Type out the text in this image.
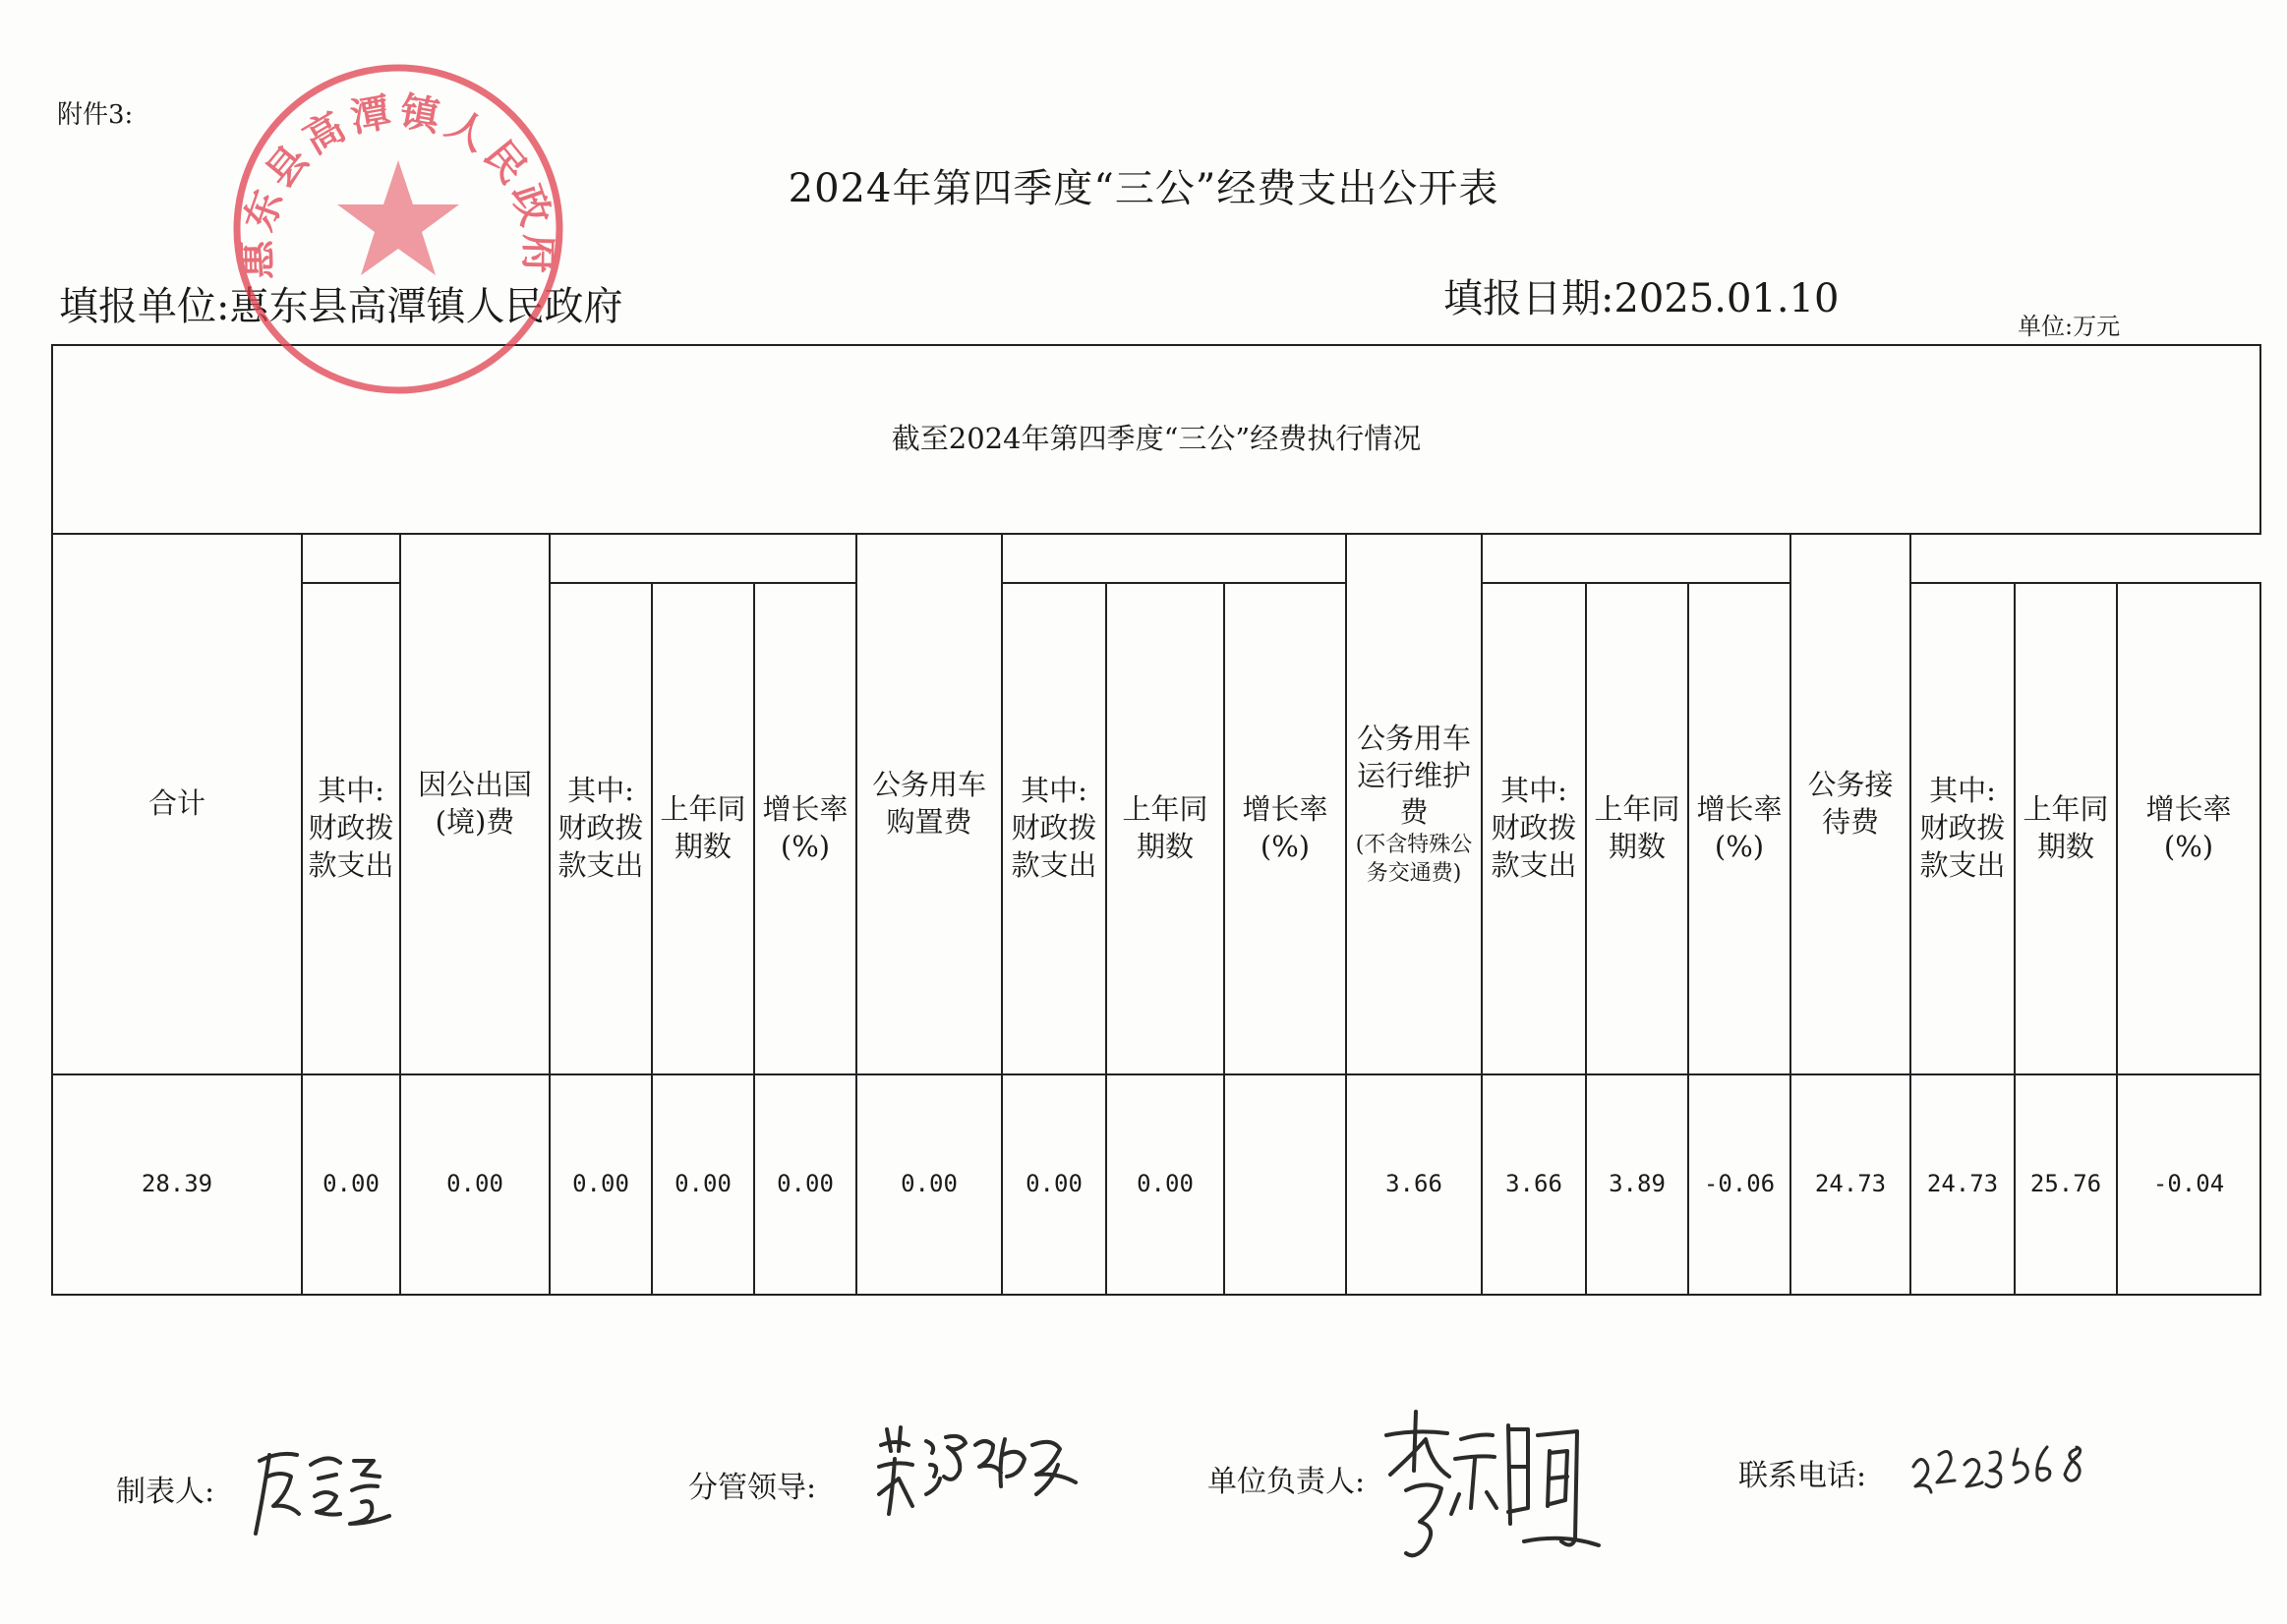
附件3:
2024年第四季度“三公”经费支出公开表
填报单位:惠东县高潭镇人民政府	填报日期:2025.01.10
单位:万元
截至2024年第四季度“三公”经费执行情况																	
合计		因公出国(境)费				公务用车购置费				公务用车运行维护费
(不含特殊公务交通费)				公务接待费			
	其中:财政拨款支出		其中:财政拨款支出	上年同期数	增长率(%)		其中:财政拨款支出	上年同期数	增长率(%)		其中:财政拨款支出	上年同期数	增长率(%)		其中:财政拨款支出	上年同期数	增长率(%)
28.39	0.00	0.00	0.00	0.00	0.00	0.00	0.00	0.00		3.66	3.66	3.89	-0.06	24.73	24.73	25.76	-0.04
制表人:	分管领导:	单位负责人:	联系电话:
惠东县高潭镇人民政府
